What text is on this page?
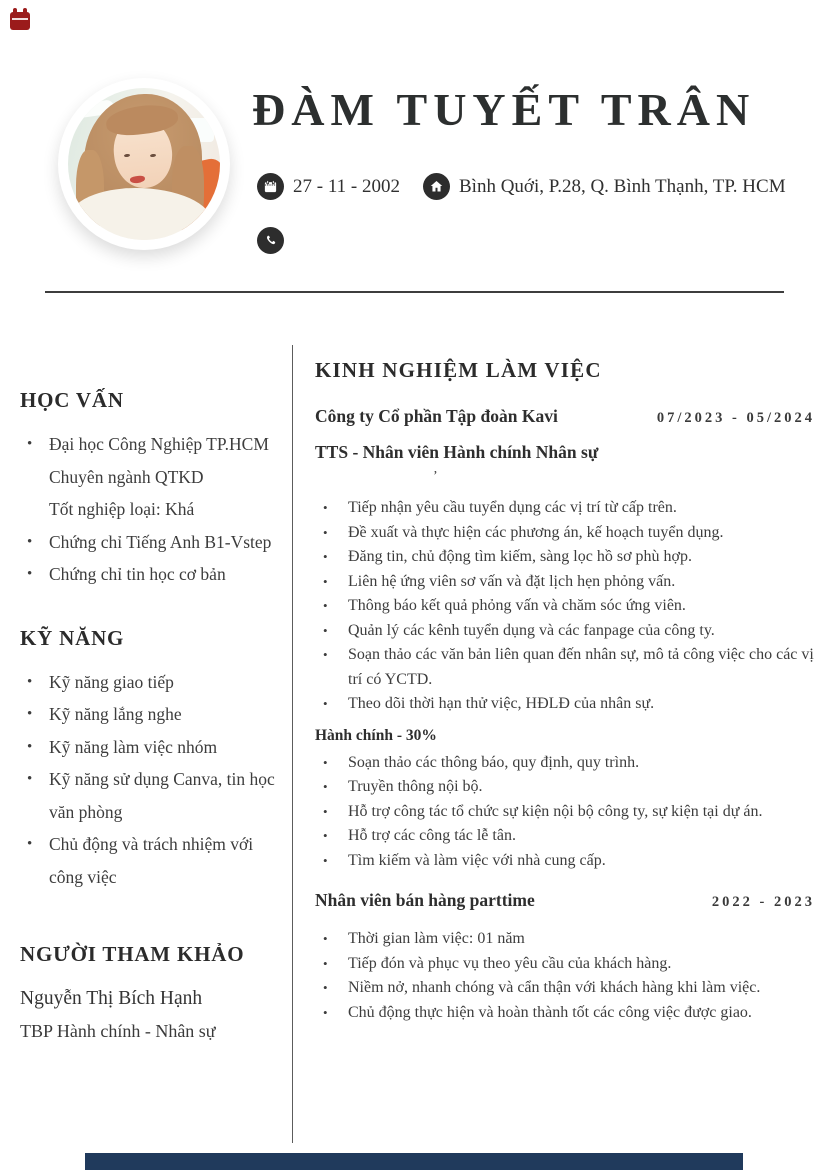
ĐÀM TUYẾT TRÂN
27 - 11 - 2002	Bình Quới, P.28, Q. Bình Thạnh, TP. HCM
HỌC VẤN
• Đại học Công Nghiệp TP.HCM
Chuyên ngành QTKD
Tốt nghiệp loại: Khá
• Chứng chỉ Tiếng Anh B1-Vstep
• Chứng chỉ tin học cơ bản
KỸ NĂNG
• Kỹ năng giao tiếp
• Kỹ năng lắng nghe
• Kỹ năng làm việc nhóm
• Kỹ năng sử dụng Canva, tin học văn phòng
• Chủ động và trách nhiệm với công việc
NGƯỜI THAM KHẢO
Nguyễn Thị Bích Hạnh
TBP Hành chính - Nhân sự
KINH NGHIỆM LÀM VIỆC
Công ty Cổ phần Tập đoàn Kavi	07/2023 - 05/2024
TTS - Nhân viên Hành chính Nhân sự
’
•	Tiếp nhận yêu cầu tuyển dụng các vị trí từ cấp trên.
•	Đề xuất và thực hiện các phương án, kế hoạch tuyển dụng.
•	Đăng tin, chủ động tìm kiếm, sàng lọc hồ sơ phù hợp.
•	Liên hệ ứng viên sơ vấn và đặt lịch hẹn phỏng vấn.
•	Thông báo kết quả phỏng vấn và chăm sóc ứng viên.
•	Quản lý các kênh tuyển dụng và các fanpage của công ty.
•	Soạn thảo các văn bản liên quan đến nhân sự, mô tả công việc cho các vị trí có YCTD.
•	Theo dõi thời hạn thử việc, HĐLĐ của nhân sự.
Hành chính - 30%
•	Soạn thảo các thông báo, quy định, quy trình.
•	Truyền thông nội bộ.
•	Hỗ trợ công tác tổ chức sự kiện nội bộ công ty, sự kiện tại dự án.
•	Hỗ trợ các công tác lễ tân.
•	Tìm kiếm và làm việc với nhà cung cấp.
Nhân viên bán hàng parttime	2022 - 2023
•	Thời gian làm việc: 01 năm
•	Tiếp đón và phục vụ theo yêu cầu của khách hàng.
•	Niềm nở, nhanh chóng và cẩn thận với khách hàng khi làm việc.
•	Chủ động thực hiện và hoàn thành tốt các công việc được giao.
